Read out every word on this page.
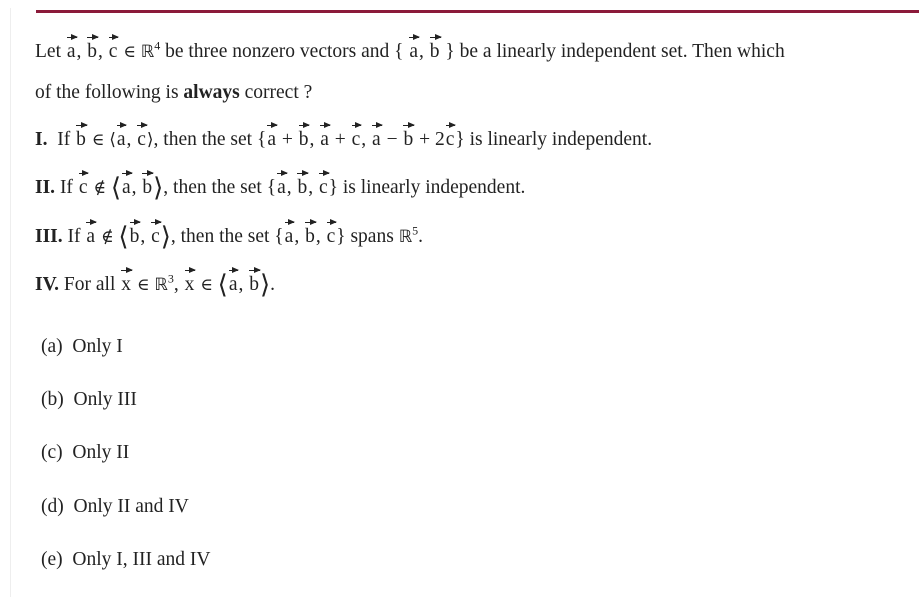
Let a, b, c ∈ ℝ$^4$ be three nonzero vectors and { a, b } be a linearly independent set. Then which
of the following is always correct ?
I.  If b ∈ ⟨a, c⟩, then the set {a + b, a + c, a − b + 2c} is linearly independent.
II. If c ∉ ⟨a, b⟩, then the set {a, b, c} is linearly independent.
III. If a ∉ ⟨b, c⟩, then the set {a, b, c} spans ℝ$^5$.
IV. For all x ∈ ℝ$^3$, x ∈ ⟨a, b⟩.
(a) Only I
(b) Only III
(c) Only II
(d) Only II and IV
(e) Only I, III and IV
